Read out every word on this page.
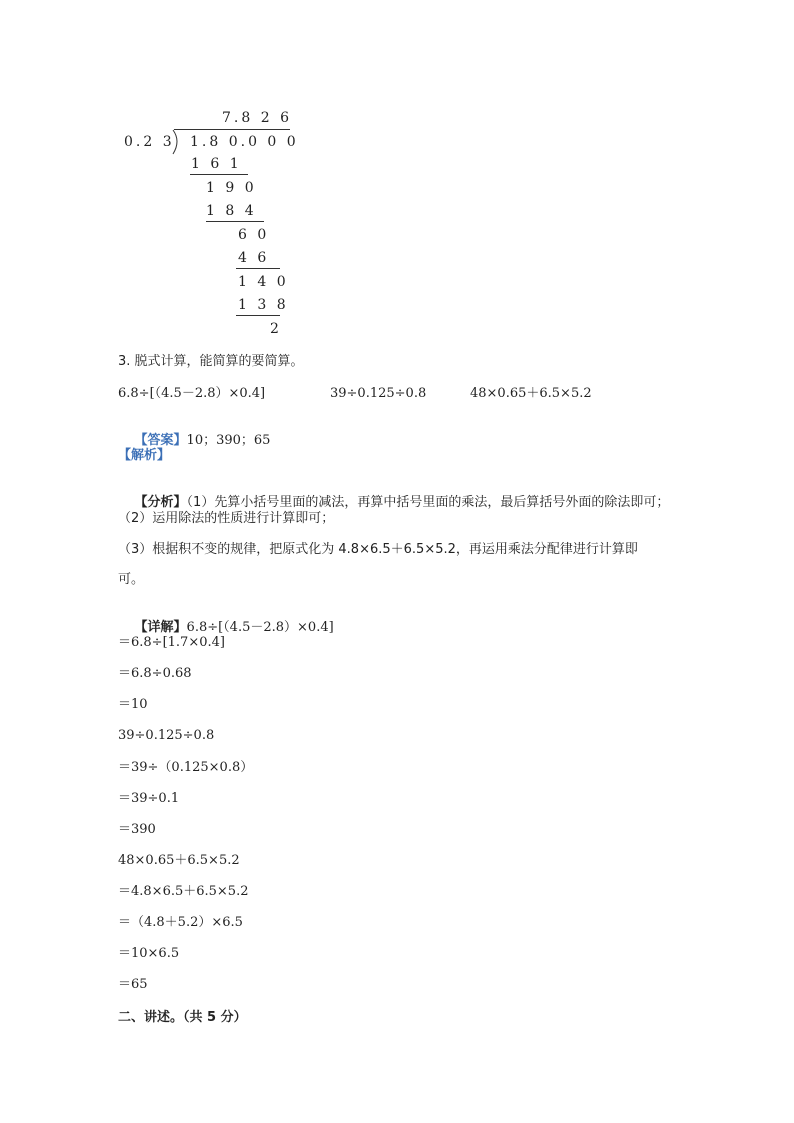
7.8 2 6
0.2 3 1.8 0.0 0 0
1 6 1
1 9 0
1 8 4
6 0
4 6
1 4 0
1 3 8
2
3. 脱式计算，能简算的要简算。

6.8÷[（4.5－2.8）×0.4]

	39÷0.125÷0.8

	48×0.65＋6.5×5.2

【答案】10；390；65

【解析】

【分析】（1）先算小括号里面的减法，再算中括号里面的乘法，最后算括号外面的除法即可；

（2）运用除法的性质进行计算即可；
（3）根据积不变的规律，把原式化为 4.8×6.5＋6.5×5.2，再运用乘法分配律进行计算即
可。

【详解】6.8÷[（4.5－2.8）×0.4]

＝6.8÷[1.7×0.4]
＝6.8÷0.68
＝10
39÷0.125÷0.8
＝39÷（0.125×0.8）
＝39÷0.1
＝390
48×0.65＋6.5×5.2
＝4.8×6.5＋6.5×5.2
＝（4.8＋5.2）×6.5
＝10×6.5
＝65
二、讲述。（共 5 分）
